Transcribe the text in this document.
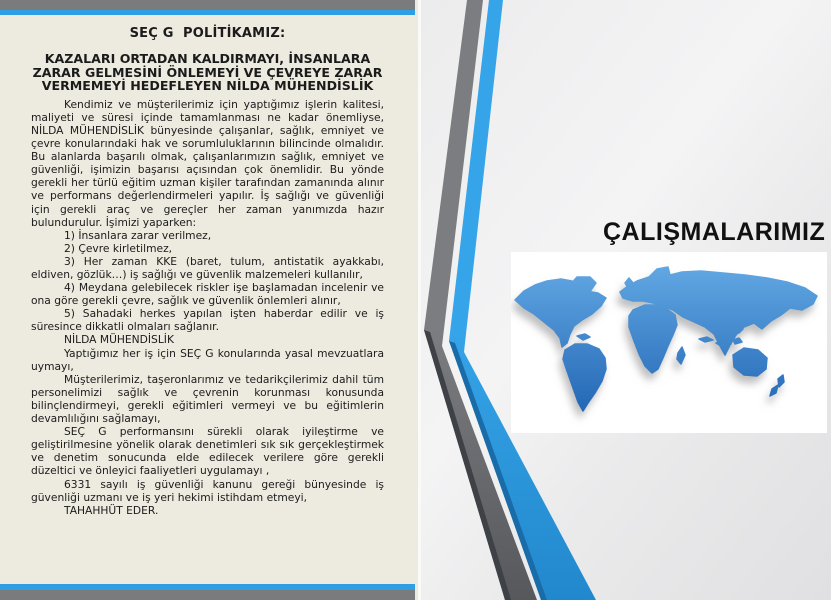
SEÇ G  POLİTİKAMIZ:
KAZALARI ORTADAN KALDIRMAYI, İNSANLARA
ZARAR GELMESİNİ ÖNLEMEYİ VE ÇEVREYE ZARAR
VERMEMEYİ HEDEFLEYEN NİLDA MÜHENDİSLİK

Kendimiz ve müşterilerimiz için yaptığımız işlerin kalitesi, maliyeti ve süresi içinde tamamlanması ne kadar önemliyse, NİLDA MÜHENDİSLİK bünyesinde çalışanlar, sağlık, emniyet ve çevre konularındaki hak ve sorumluluklarının bilincinde olmalıdır. Bu alanlarda başarılı olmak, çalışanlarımızın sağlık, emniyet ve güvenliği, işimizin başarısı açısından çok önemlidir. Bu yönde gerekli her türlü eğitim uzman kişiler tarafından zamanında alınır ve performans değerlendirmeleri yapılır. İş sağlığı ve güvenliği için gerekli araç ve gereçler her zaman yanımızda hazır bulundurulur. İşimizi yaparken:

1) İnsanlara zarar verilmez,

2) Çevre kirletilmez,

3) Her zaman KKE (baret, tulum, antistatik ayakkabı, eldiven, gözlük…) iş sağlığı ve güvenlik malzemeleri kullanılır,

4) Meydana gelebilecek riskler işe başlamadan incelenir ve ona göre gerekli çevre, sağlık ve güvenlik önlemleri alınır,

5) Sahadaki herkes yapılan işten haberdar edilir ve iş süresince dikkatli olmaları sağlanır.

NİLDA MÜHENDİSLİK

Yaptığımız her iş için SEÇ G konularında yasal mevzuatlara uymayı,

Müşterilerimiz, taşeronlarımız ve tedarikçilerimiz dahil tüm personelimizi sağlık ve çevrenin korunması konusunda bilinçlendirmeyi, gerekli eğitimleri vermeyi ve bu eğitimlerin devamlılığını sağlamayı,

SEÇ G performansını sürekli olarak iyileştirme ve geliştirilmesine yönelik olarak denetimleri sık sık gerçekleştirmek ve denetim sonucunda elde edilecek verilere göre gerekli düzeltici ve önleyici faaliyetleri uygulamayı ,

6331 sayılı iş güvenliği kanunu gereği bünyesinde iş güvenliği uzmanı ve iş yeri hekimi istihdam etmeyi,

TAHAHHÜT EDER.

ÇALIŞMALARIMIZ
